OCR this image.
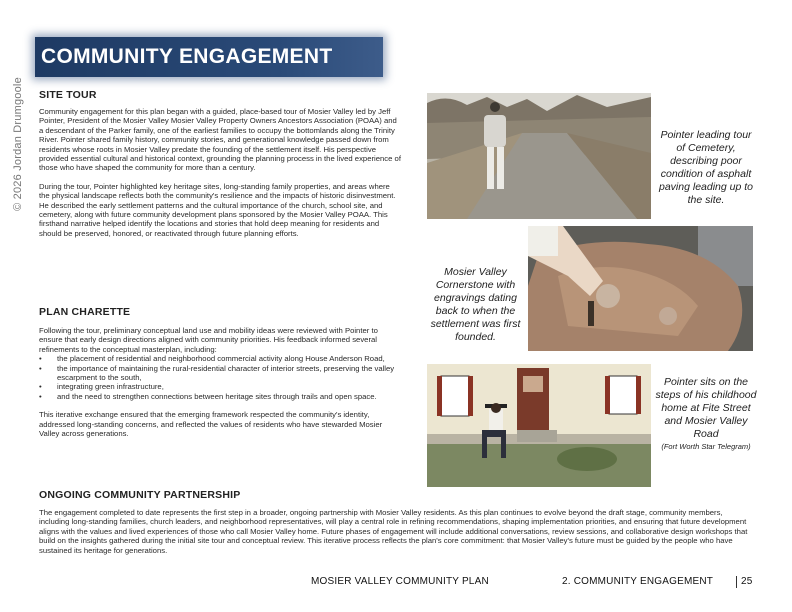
© 2026 Jordan Drumgoole
COMMUNITY ENGAGEMENT
SITE TOUR

Community engagement for this plan began with a guided, place-based tour of Mosier Valley led by Jeff Pointer, President of the Mosier Valley Mosier Valley Property Owners Ancestors Association (POAA) and a descendant of the Parker family, one of the earliest families to occupy the bottomlands along the Trinity River. Pointer shared family history, community stories, and generational knowledge passed down from residents whose roots in Mosier Valley predate the founding of the settlement itself. His perspective provided essential cultural and historical context, grounding the planning process in the lived experience of those who have shaped the community for more than a century.

During the tour, Pointer highlighted key heritage sites, long-standing family properties, and areas where the physical landscape reflects both the community's resilience and the impacts of historic disinvestment. He described the early settlement patterns and the cultural importance of the church, school site, and cemetery, along with future community development plans sponsored by the Mosier Valley POAA. This firsthand narrative helped identify the locations and stories that hold deep meaning for residents and should be preserved, honored, or reactivated through future planning efforts.

PLAN CHARETTE

Following the tour, preliminary conceptual land use and mobility ideas were reviewed with Pointer to ensure that early design directions aligned with community priorities. His feedback informed several refinements to the conceptual masterplan, including:

• the placement of residential and neighborhood commercial activity along House Anderson Road,
• the importance of maintaining the rural-residential character of interior streets, preserving the valley escarpment to the south,
• integrating green infrastructure,
• and the need to strengthen connections between heritage sites through trails and open space.

This iterative exchange ensured that the emerging framework respected the community's identity, addressed long-standing concerns, and reflected the values of residents who have stewarded Mosier Valley across generations.

ONGOING COMMUNITY PARTNERSHIP

The engagement completed to date represents the first step in a broader, ongoing partnership with Mosier Valley residents. As this plan continues to evolve beyond the draft stage, community members, including long-standing families, church leaders, and neighborhood representatives, will play a central role in refining recommendations, shaping implementation priorities, and ensuring that future development aligns with the values and lived experiences of those who call Mosier Valley home. Future phases of engagement will include additional conversations, review sessions, and collaborative design workshops that build on the insights gathered during the initial site tour and conceptual review. This iterative process reflects the plan's core commitment: that Mosier Valley's future must be guided by the people who have sustained its heritage for generations.

Pointer leading tour of Cemetery, describing poor condition of asphalt paving leading up to the site.
Mosier Valley Cornerstone with engravings dating back to when the settlement was first founded.
Pointer sits on the steps of his childhood home at Fite Street and Mosier Valley Road
(Fort Worth Star Telegram)
MOSIER VALLEY COMMUNITY PLAN	2. COMMUNITY ENGAGEMENT	25
